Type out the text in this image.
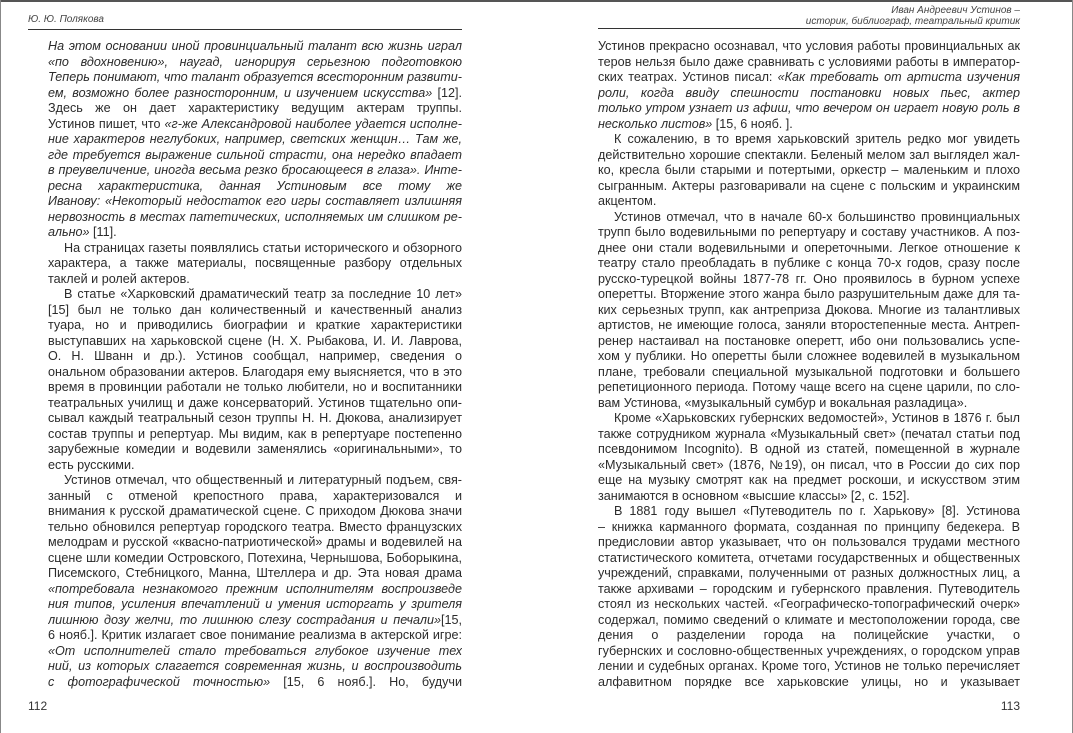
Ю. Ю. Полякова
На этом основании иной провинциальный талант всю жизнь играл
«по вдохновению», наугад, игнорируя серьезною подготовкою
Теперь понимают, что талант образуется всесторонним развити-
ем, возможно более разносторонним, и изучением искусства» [12].
Здесь же он дает характеристику ведущим актерам труппы.
Устинов пишет, что «г-же Александровой наиболее удается исполне-
ние характеров неглубоких, например, светских женщин… Там же,
где требуется выражение сильной страсти, она нередко впадает
в преувеличение, иногда весьма резко бросающееся в глаза». Инте-
ресна характеристика, данная Устиновым все тому же
Иванову: «Некоторый недостаток его игры составляет излишняя
нервозность в местах патетических, исполняемых им слишком ре-
ально» [11].
На страницах газеты появлялись статьи исторического и обзорного
характера, а также материалы, посвященные разбору отдельных
таклей и ролей актеров.
В статье «Харковский драматический театр за последние 10 лет»
[15] был не только дан количественный и качественный анализ
туара, но и приводились биографии и краткие характеристики
выступавших на харьковской сцене (Н. Х. Рыбакова, И. И. Лаврова,
О. Н. Шванн и др.). Устинов сообщал, например, сведения о
ональном образовании актеров. Благодаря ему выясняется, что в это
время в провинции работали не только любители, но и воспитанники
театральных училищ и даже консерваторий. Устинов тщательно опи-
сывал каждый театральный сезон труппы Н. Н. Дюкова, анализирует
состав труппы и репертуар. Мы видим, как в репертуаре постепенно
зарубежные комедии и водевили заменялись «оригинальными», то
есть русскими.
Устинов отмечал, что общественный и литературный подъем, свя-
занный с отменой крепостного права, характеризовался и
внимания к русской драматической сцене. С приходом Дюкова значи
тельно обновился репертуар городского театра. Вместо французских
мелодрам и русской «квасно-патриотической» драмы и водевилей на
сцене шли комедии Островского, Потехина, Чернышова, Боборыкина,
Писемского, Стебницкого, Манна, Штеллера и др. Эта новая драма
«потребовала незнакомого прежним исполнителям воспроизведе
ния типов, усиления впечатлений и умения исторгать у зрителя
лишнюю дозу желчи, то лишнюю слезу сострадания и печали»[15,
6 нояб.]. Критик излагает свое понимание реализма в актерской игре:
«От исполнителей стало требоваться глубокое изучение тех
ний, из которых слагается современная жизнь, и воспроизводить
с фотографической точностью» [15, 6 нояб.]. Но, будучи
112
Иван Андреевич Устинов –
историк, библиограф, театральный критик
Устинов прекрасно осознавал, что условия работы провинциальных ак
теров нельзя было даже сравнивать с условиями работы в император-
ских театрах. Устинов писал: «Как требовать от артиста изучения
роли, когда ввиду спешности постановки новых пьес, актер
только утром узнает из афиш, что вечером он играет новую роль в
несколько листов» [15, 6 нояб. ].
К сожалению, в то время харьковский зритель редко мог увидеть
действительно хорошие спектакли. Беленый мелом зал выглядел жал-
ко, кресла были старыми и потертыми, оркестр – маленьким и плохо
сыгранным. Актеры разговаривали на сцене с польским и украинским
акцентом.
Устинов отмечал, что в начале 60-х большинство провинциальных
трупп было водевильными по репертуару и составу участников. А поз-
днее они стали водевильными и опереточными. Легкое отношение к
театру стало преобладать в публике с конца 70-х годов, сразу после
русско-турецкой войны 1877-78 гг. Оно проявилось в бурном успехе
оперетты. Вторжение этого жанра было разрушительным даже для та-
ких серьезных трупп, как антреприза Дюкова. Многие из талантливых
артистов, не имеющие голоса, заняли второстепенные места. Антреп-
ренер настаивал на постановке оперетт, ибо они пользовались успе-
хом у публики. Но оперетты были сложнее водевилей в музыкальном
плане, требовали специальной музыкальной подготовки и большего
репетиционного периода. Потому чаще всего на сцене царили, по сло-
вам Устинова, «музыкальный сумбур и вокальная разладица».
Кроме «Харьковских губернских ведомостей», Устинов в 1876 г. был
также сотрудником журнала «Музыкальный свет» (печатал статьи под
псевдонимом Incognito). В одной из статей, помещенной в журнале
«Музыкальный свет» (1876, №19), он писал, что в России до сих пор
еще на музыку смотрят как на предмет роскоши, и искусством этим
занимаются в основном «высшие классы» [2, с. 152].
В 1881 году вышел «Путеводитель по г. Харькову» [8]. Устинова
– книжка карманного формата, созданная по принципу бедекера. В
предисловии автор указывает, что он пользовался трудами местного
статистического комитета, отчетами государственных и общественных
учреждений, справками, полученными от разных должностных лиц, а
также архивами – городским и губернского правления. Путеводитель
стоял из нескольких частей. «Географическо-топографический очерк»
содержал, помимо сведений о климате и местоположении города, све
дения о разделении города на полицейские участки, о
губернских и сословно-общественных учреждениях, о городском управ
лении и судебных органах. Кроме того, Устинов не только перечисляет
алфавитном порядке все харьковские улицы, но и указывает
113
